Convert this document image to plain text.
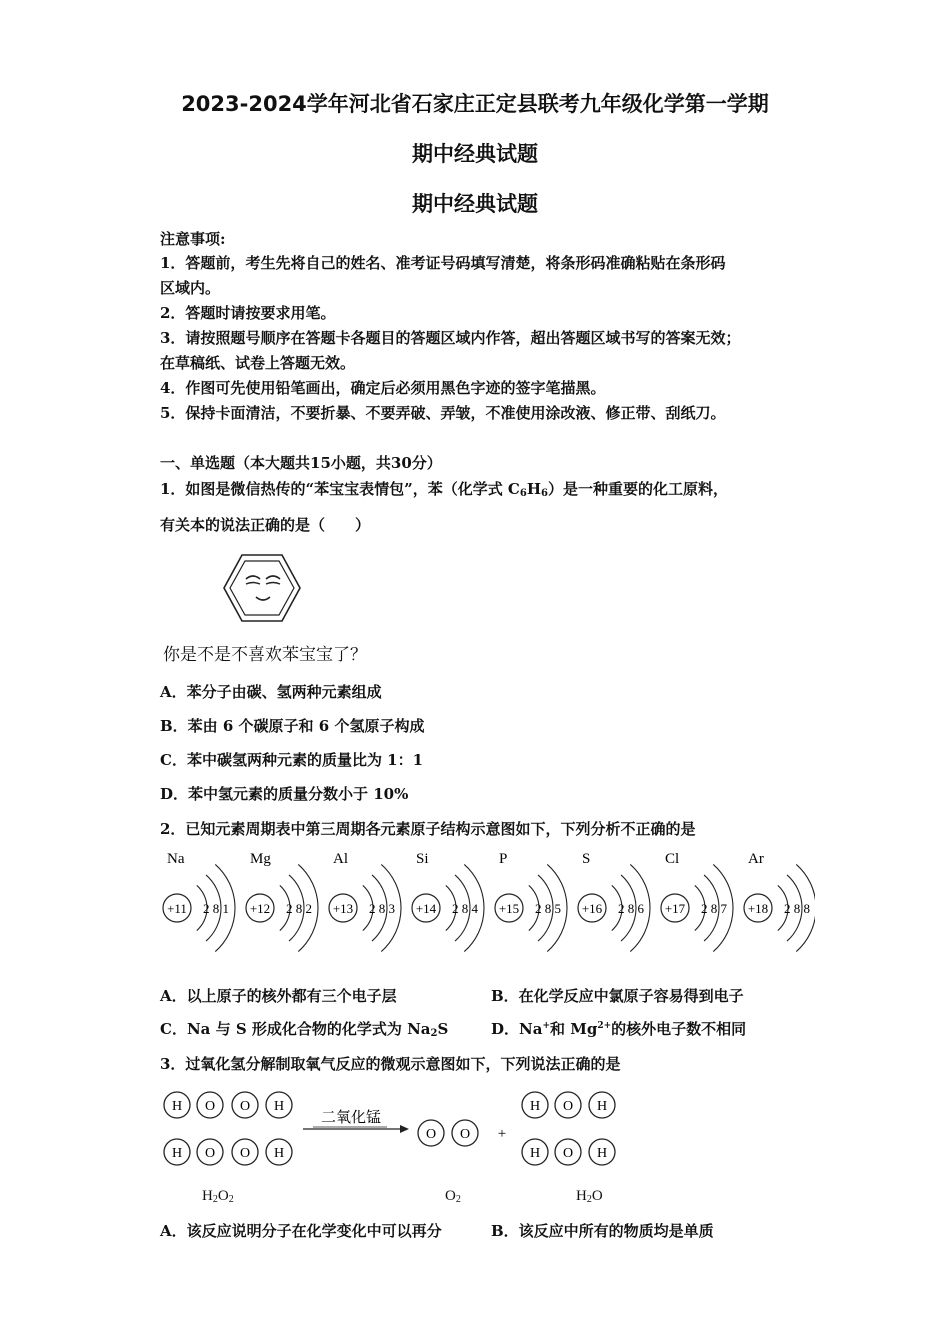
2023-2024学年河北省石家庄正定县联考九年级化学第一学期
期中经典试题
期中经典试题
注意事项:
1．答题前，考生先将自己的姓名、准考证号码填写清楚，将条形码准确粘贴在条形码
区域内。
2．答题时请按要求用笔。
3．请按照题号顺序在答题卡各题目的答题区域内作答，超出答题区域书写的答案无效；
在草稿纸、试卷上答题无效。
4．作图可先使用铅笔画出，确定后必须用黑色字迹的签字笔描黑。
5．保持卡面清洁，不要折暴、不要弄破、弄皱，不准使用涂改液、修正带、刮纸刀。
一、单选题（本大题共15小题，共30分）
1．如图是微信热传的“苯宝宝表情包”，苯（化学式 $C_6H_6$）是一种重要的化工原料，
有关本的说法正确的是（　　）
你是不是不喜欢苯宝宝了？
A．苯分子由碳、氢两种元素组成
B．苯由 6 个碳原子和 6 个氢原子构成
C．苯中碳氢两种元素的质量比为 1：1
D．苯中氢元素的质量分数小于 10%
2．已知元素周期表中第三周期各元素原子结构示意图如下，下列分析不正确的是
Na
+11 2 8 1
Mg
+12 2 8 2
Al
+13 2 8 3
Si
+14 2 8 4
P
+15 2 8 5
S
+16 2 8 6
Cl
+17 2 8 7
Ar
+18 2 8 8
A．以上原子的核外都有三个电子层	B．在化学反应中氯原子容易得到电子
C．Na 与 S 形成化合物的化学式为 $Na_2S$	D．Na+和 $Mg^{2+}$的核外电子数不相同
3．过氧化氢分解制取氧气反应的微观示意图如下，下列说法正确的是
H O O H
H O O H
二氧化锰
O O +
H O H
H O H
$H_2O_2$	$O_2$	$H_2O$
A．该反应说明分子在化学变化中可以再分	B．该反应中所有的物质均是单质
